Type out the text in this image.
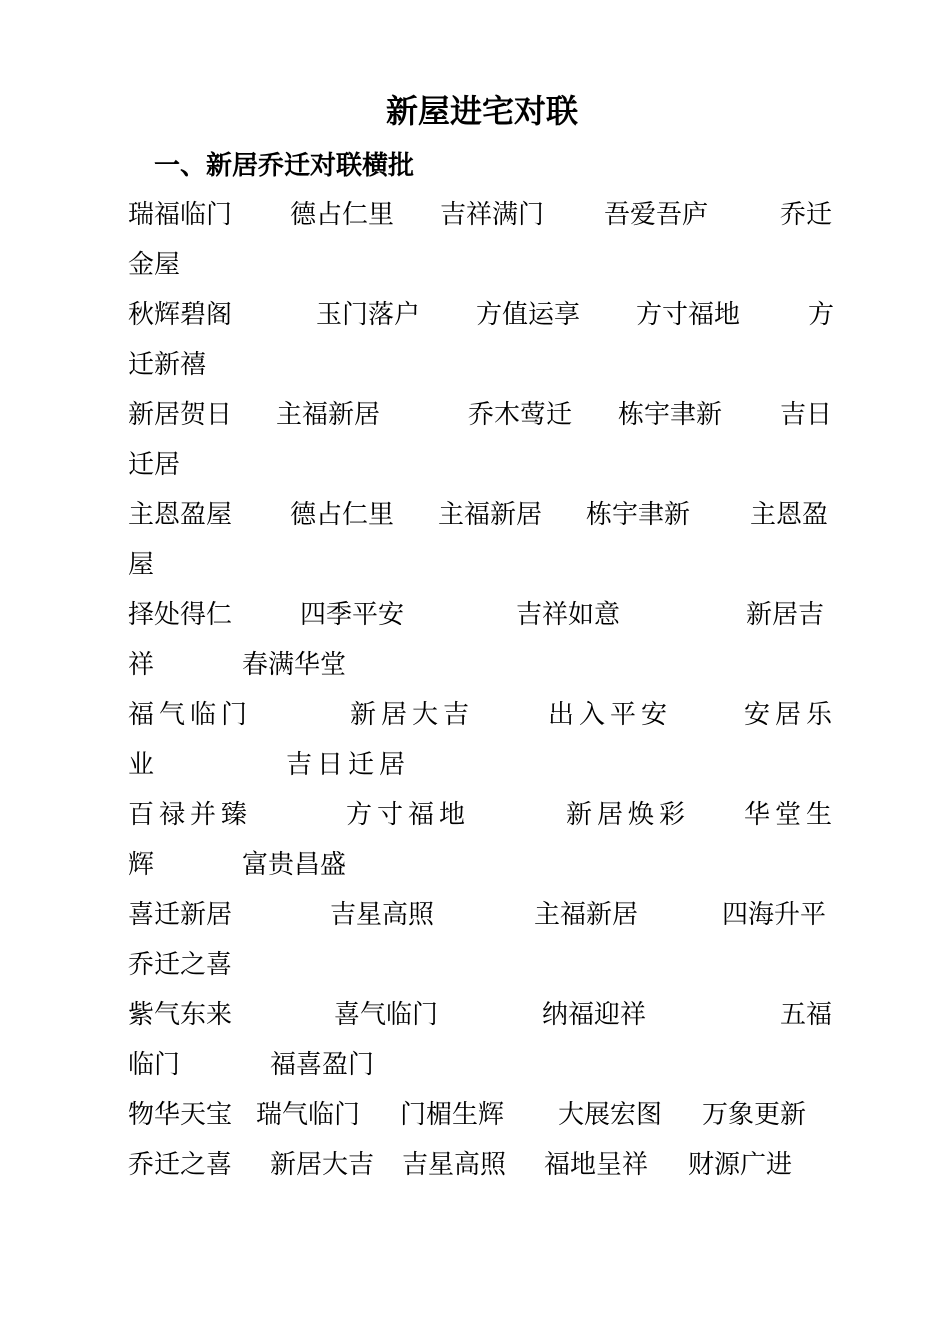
新屋进宅对联
一、新居乔迁对联横批
瑞福临门 德占仁里 吉祥满门 吾爱吾庐	乔迁
金屋
秋辉碧阁	玉门落户 方值运享 方寸福地	方
迁新禧
新居贺日 主福新居	乔木莺迁 栋宇聿新 吉日
迁居
主恩盈屋 德占仁里 主福新居 栋宇聿新 主恩盈
屋
择处得仁	四季平安	吉祥如意	新居吉
祥	春满华堂
福气临门	新居大吉	出入平安	安居乐
业	吉日迁居
百禄并臻	方寸福地	新居焕彩 华堂生
辉	富贵昌盛
喜迁新居	吉星高照	主福新居	四海升平
乔迁之喜
紫气东来	喜气临门	纳福迎祥	五福
临门	福喜盈门
物华天宝 瑞气临门 门楣生辉 大展宏图 万象更新
乔迁之喜 新居大吉 吉星高照 福地呈祥 财源广进
